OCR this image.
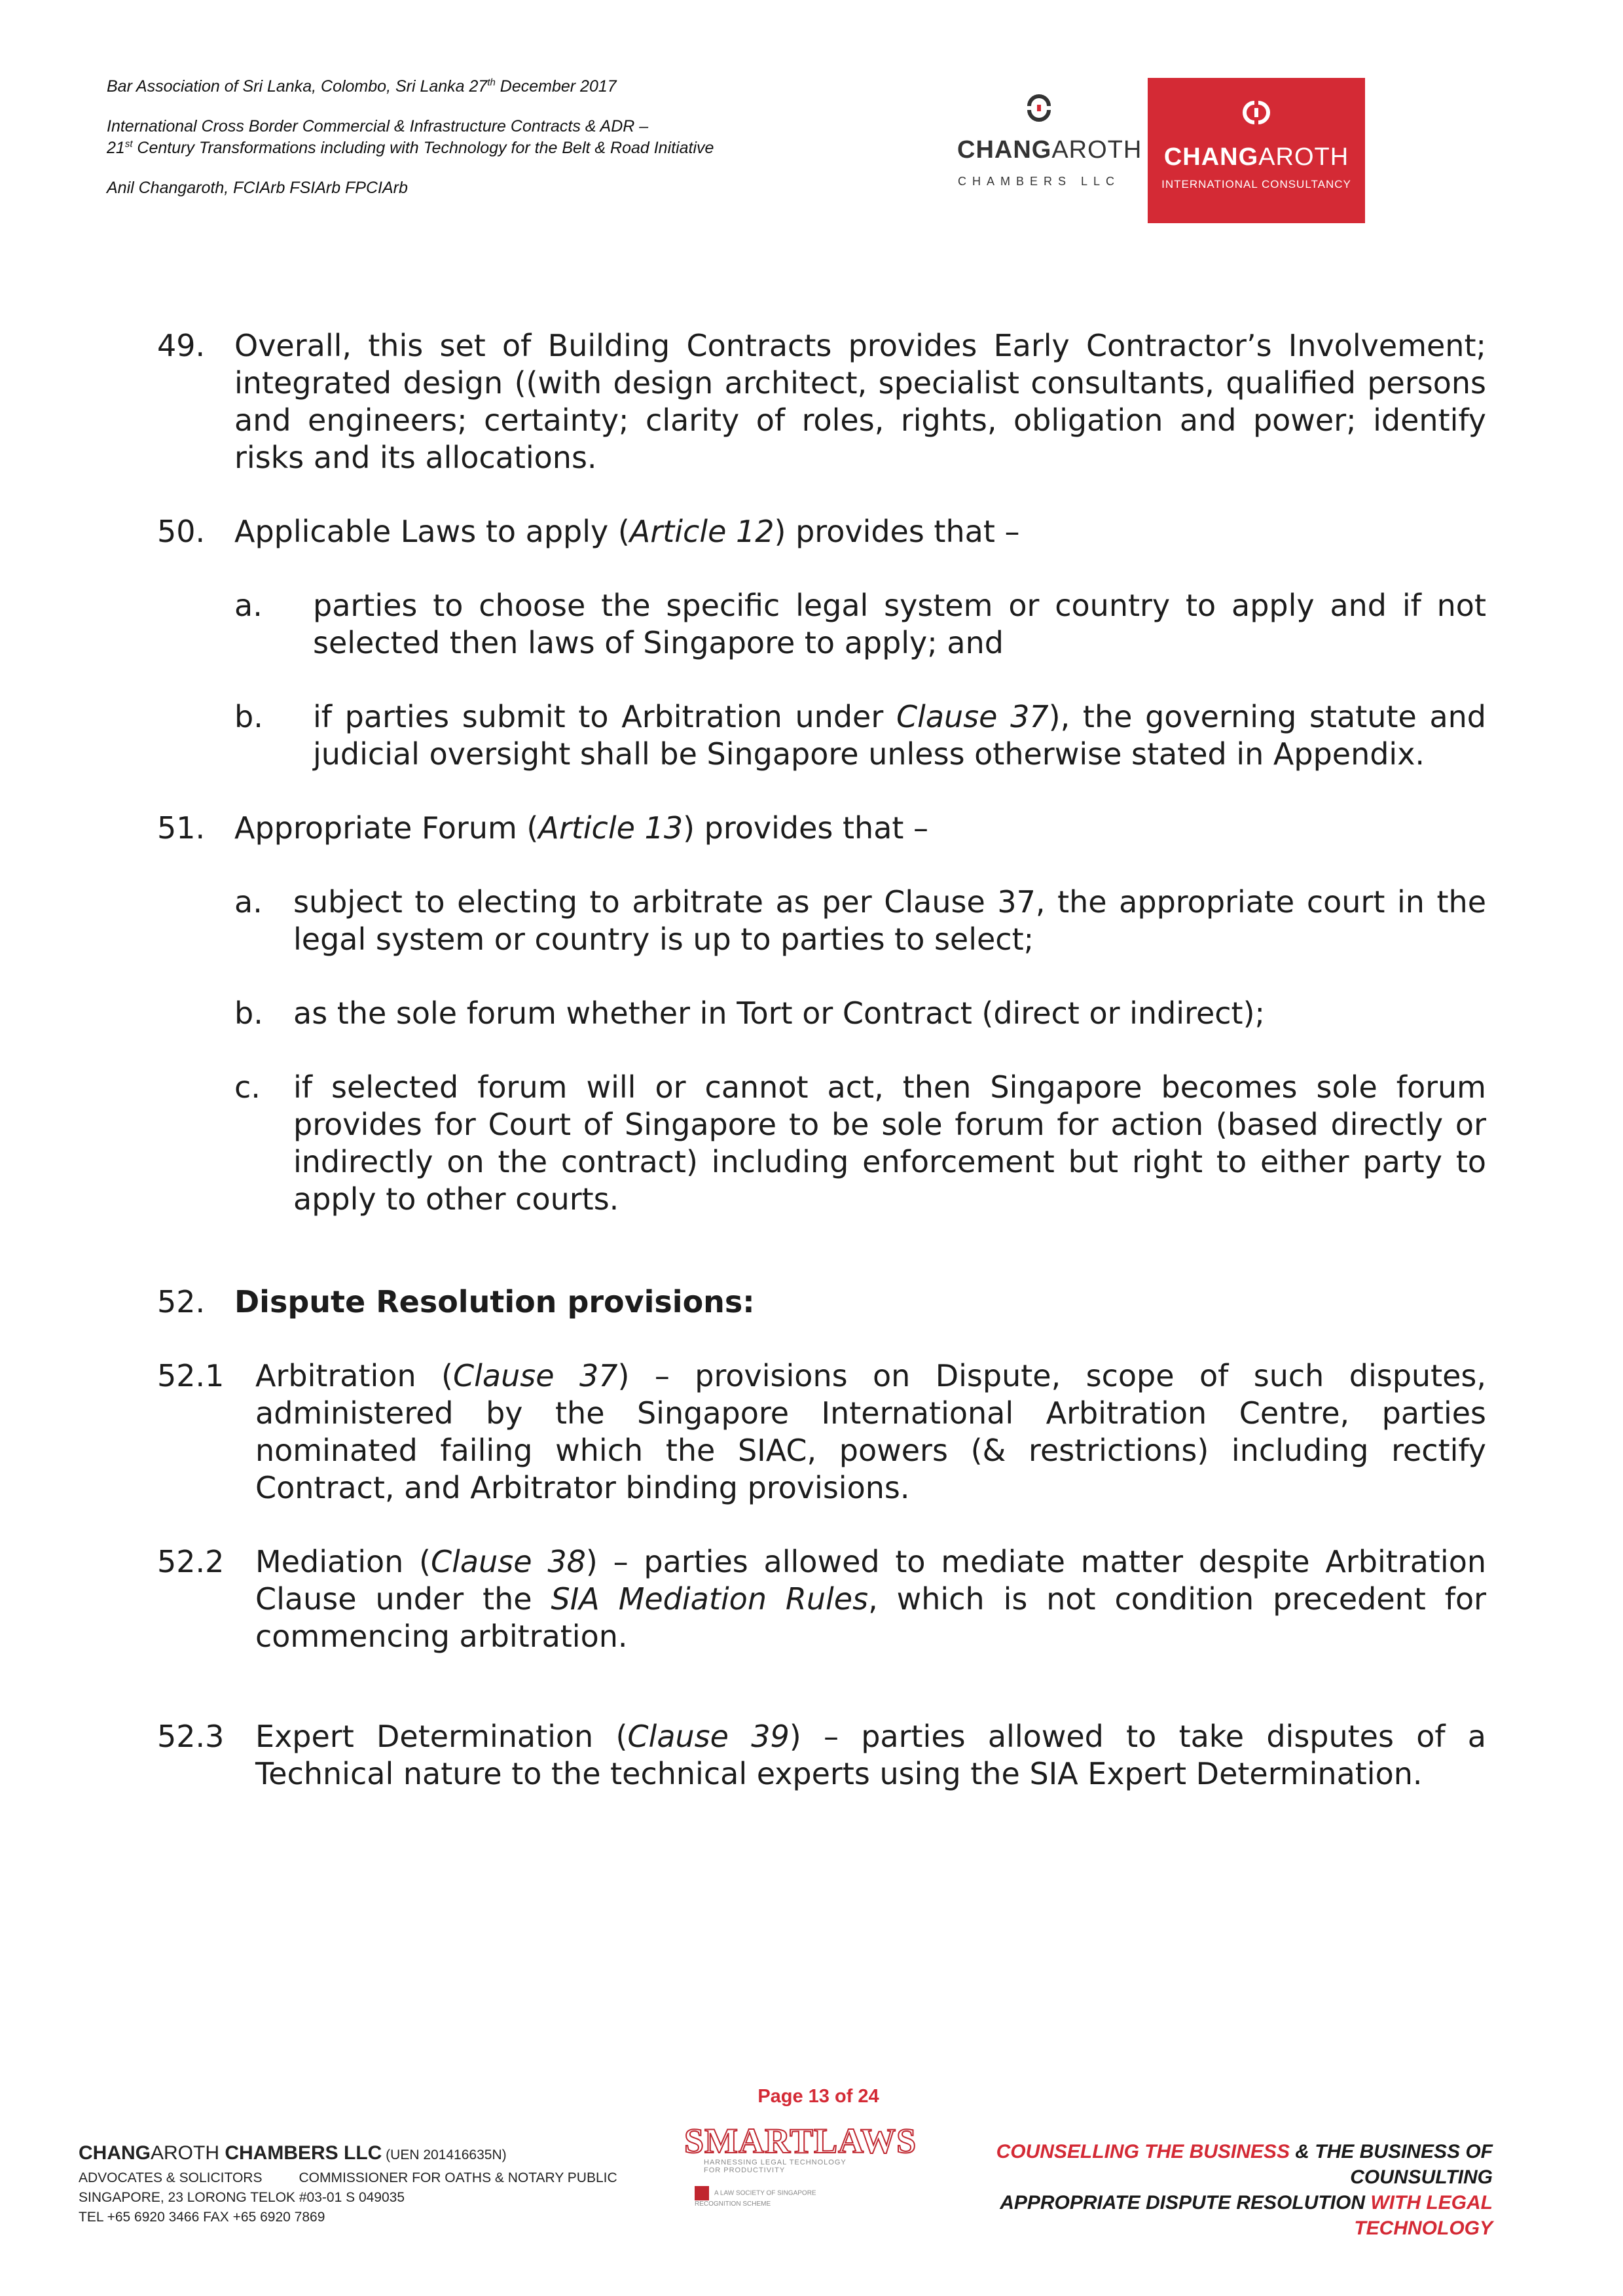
Bar Association of Sri Lanka, Colombo, Sri Lanka 27th December 2017

International Cross Border Commercial & Infrastructure Contracts & ADR –

21st Century Transformations including with Technology for the Belt & Road Initiative

Anil Changaroth, FCIArb FSIArb FPCIArb

CHANGAROTH
CHAMBERS LLC
CHANGAROTH
INTERNATIONAL CONSULTANCY
49. Overall, this set of Building Contracts provides Early Contractor’s Involvement; integrated design ((with design architect, specialist consultants, qualified persons and engineers; certainty; clarity of roles, rights, obligation and power; identify risks and its allocations.
50. Applicable Laws to apply (Article 12) provides that –
a. parties to choose the specific legal system or country to apply and if not selected then laws of Singapore to apply; and
b. if parties submit to Arbitration under Clause 37), the governing statute and judicial oversight shall be Singapore unless otherwise stated in Appendix.
51. Appropriate Forum (Article 13) provides that –
a. subject to electing to arbitrate as per Clause 37, the appropriate court in the legal system or country is up to parties to select;
b. as the sole forum whether in Tort or Contract (direct or indirect);
c. if selected forum will or cannot act, then Singapore becomes sole forum provides for Court of Singapore to be sole forum for action (based directly or indirectly on the contract) including enforcement but right to either party to apply to other courts.
52. Dispute Resolution provisions:
52.1 Arbitration (Clause 37) – provisions on Dispute, scope of such disputes, administered by the Singapore International Arbitration Centre, parties nominated failing which the SIAC, powers (& restrictions) including rectify Contract, and Arbitrator binding provisions.
52.2 Mediation (Clause 38) – parties allowed to mediate matter despite Arbitration Clause under the SIA Mediation Rules, which is not condition precedent for commencing arbitration.
52.3 Expert Determination (Clause 39) – parties allowed to take disputes of a Technical nature to the technical experts using the SIA Expert Determination.
Page 13 of 24
CHANGAROTH CHAMBERS LLC (UEN 201416635N)
ADVOCATES & SOLICITORS	COMMISSIONER FOR OATHS & NOTARY PUBLIC
SINGAPORE, 23 LORONG TELOK #03-01 S 049035
TEL +65 6920 3466 FAX +65 6920 7869
SMARTLAWS
HARNESSING LEGAL TECHNOLOGY FOR PRODUCTIVITY
A LAW SOCIETY OF SINGAPORE RECOGNITION SCHEME
COUNSELLING THE BUSINESS & THE BUSINESS OF COUNSULTING
APPROPRIATE DISPUTE RESOLUTION WITH LEGAL TECHNOLOGY
